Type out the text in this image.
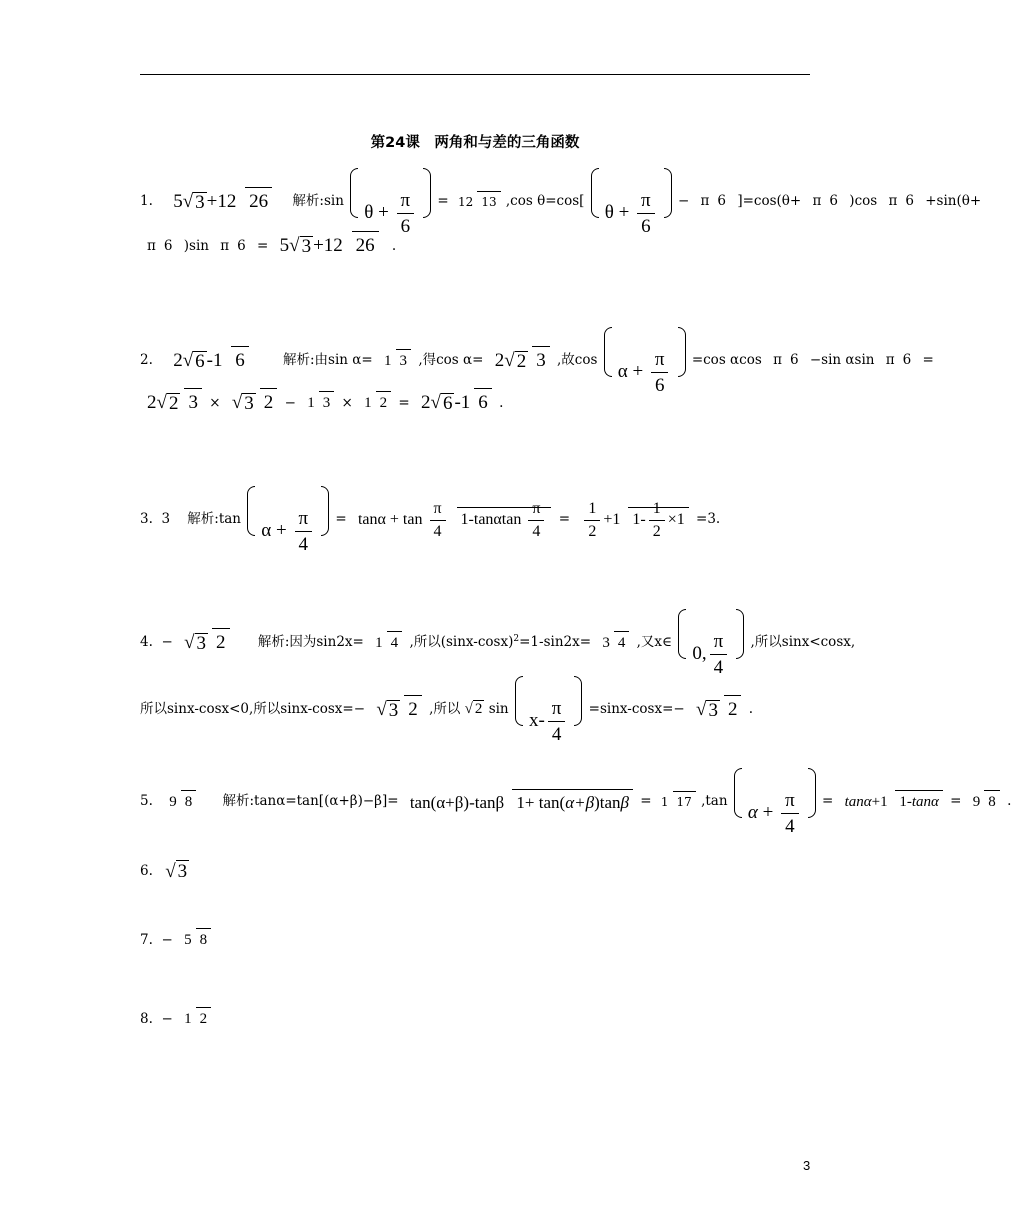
第24课　两角和与差的三角函数
1. 5 √ 3 +12 26 解析:sin $\theta + \frac{\pi}{6} = 12$ 13 ,cos θ=cos[ $\theta + \frac{\pi}{6} - \pi$ 6 ]=cos(θ+ π 6 )cos π 6 +sin(θ+
π 6 )sin π 6 = 5 √ 3 +12 26 .
2. 2 √ 6 -1 6	解析:由sin α= 1 3 ,得cos α= 2 √ 2 3 ,故$\cos \alpha + \frac{\pi}{6} =\cos$ αcos π 6 −sin αsin π 6 =
2 √ 2 3 × √ 3 2 − 1 3 × 1 2 = 2 √ 6 -1 6 .
3. 3 解析:tan $\alpha + \frac{\pi}{4} = \tan\alpha + \tan \frac{\pi}{4} 1-\tan\alpha\tan \frac{\pi}{4} = \frac{1}{2} +1$ $1- \frac{1}{2} \times 1 =3$.
4. − √ 3 2 解析:因为sin2x= 1 4 ,所以$(\sin x-\cos x)^2=1-\sin 2x= 3$ 4 ,又x∈ 0, $\frac{\pi}{4}$ ,所以sinx<cosx,
所以sinx-cosx<0,所以sinx-cosx=− √ 3 2 ,所以 √ 2 $\sin x- \frac{\pi}{4} =\sin x-\cos x=-$ √ 3 2 .
5. 9 8 解析:tanα=tan[(α+β)−β]= tan(α+β)-tanβ 1+ tan(α+β)tanβ = 1 17 ,tan $\alpha + \frac{\pi}{4} = \tan\alpha+1$ 1-tanα = 9 8 .
6. √ 3
7. − 5 8
8. − 1 2
3
